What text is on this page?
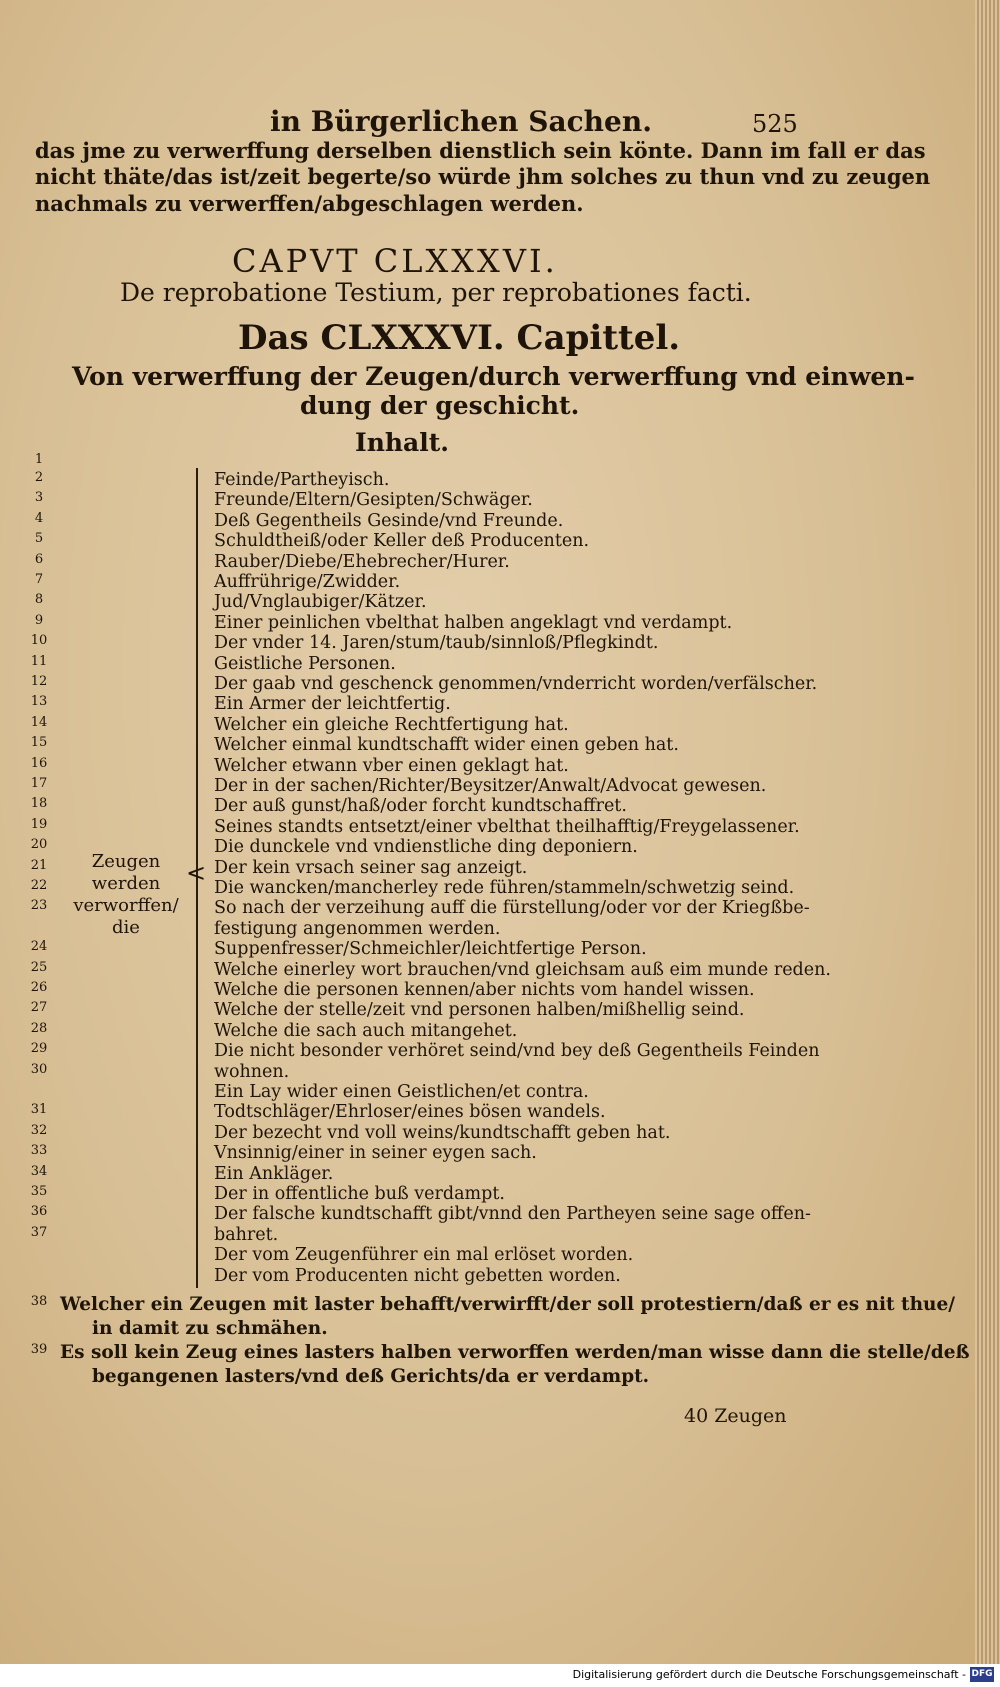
in Bürgerlichen Sachen.	525
das jme zu verwerffung derselben dienstlich sein könte. Dann im fall er das
nicht thäte/das ist/zeit begerte/so würde jhm solches zu thun vnd zu zeugen
nachmals zu verwerffen/abgeschlagen werden.
CAPVT CLXXXVI.
De reprobatione Testium, per reprobationes facti.
Das CLXXXVI. Capittel.
Von verwerffung der Zeugen/durch verwerffung vnd einwen-
dung der geschicht.
Inhalt.
<
Zeugen werden
verworffen/
die
1
2
3
4
5
6
7
8
9
10
11
12
13
14
15
16
17
18
19
20
21
22
23
24
25
26
27
28
29
30
31
32
33
34
35
36
37
38
39
Feinde/Partheyisch.
Freunde/Eltern/Gesipten/Schwäger.
Deß Gegentheils Gesinde/vnd Freunde.
Schuldtheiß/oder Keller deß Producenten.
Rauber/Diebe/Ehebrecher/Hurer.
Auffrührige/Zwidder.
Jud/Vnglaubiger/Kätzer.
Einer peinlichen vbelthat halben angeklagt vnd verdampt.
Der vnder 14. Jaren/stum/taub/sinnloß/Pflegkindt.
Geistliche Personen.
Der gaab vnd geschenck genommen/vnderricht worden/verfälscher.
Ein Armer der leichtfertig.
Welcher ein gleiche Rechtfertigung hat.
Welcher einmal kundtschafft wider einen geben hat.
Welcher etwann vber einen geklagt hat.
Der in der sachen/Richter/Beysitzer/Anwalt/Advocat gewesen.
Der auß gunst/haß/oder forcht kundtschaffret.
Seines standts entsetzt/einer vbelthat theilhafftig/Freygelassener.
Die dunckele vnd vndienstliche ding deponiern.
Der kein vrsach seiner sag anzeigt.
Die wancken/mancherley rede führen/stammeln/schwetzig seind.
So nach der verzeihung auff die fürstellung/oder vor der Kriegßbe-
festigung angenommen werden.
Suppenfresser/Schmeichler/leichtfertige Person.
Welche einerley wort brauchen/vnd gleichsam auß eim munde reden.
Welche die personen kennen/aber nichts vom handel wissen.
Welche der stelle/zeit vnd personen halben/mißhellig seind.
Welche die sach auch mitangehet.
Die nicht besonder verhöret seind/vnd bey deß Gegentheils Feinden
wohnen.
Ein Lay wider einen Geistlichen/et contra.
Todtschläger/Ehrloser/eines bösen wandels.
Der bezecht vnd voll weins/kundtschafft geben hat.
Vnsinnig/einer in seiner eygen sach.
Ein Ankläger.
Der in offentliche buß verdampt.
Der falsche kundtschafft gibt/vnnd den Partheyen seine sage offen-
bahret.
Der vom Zeugenführer ein mal erlöset worden.
Der vom Producenten nicht gebetten worden.
Welcher ein Zeugen mit laster behafft/verwirfft/der soll protestiern/daß er es nit thue/
in damit zu schmähen.
Es soll kein Zeug eines lasters halben verworffen werden/man wisse dann die stelle/deß
begangenen lasters/vnd deß Gerichts/da er verdampt.
40 Zeugen
Digitalisierung gefördert durch die Deutsche Forschungsgemeinschaft - DFG
